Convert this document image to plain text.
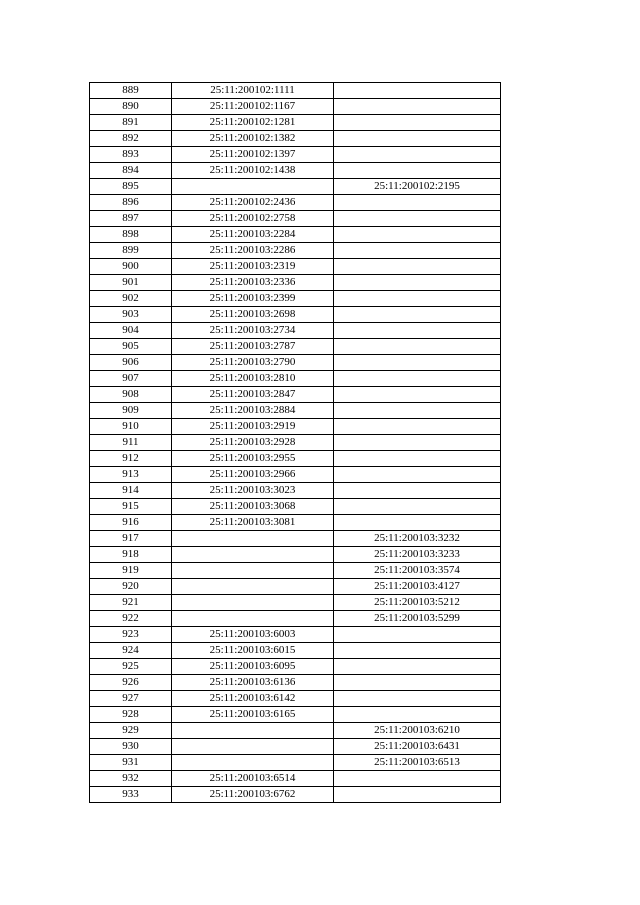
889	25:11:200102:1111	
890	25:11:200102:1167	
891	25:11:200102:1281	
892	25:11:200102:1382	
893	25:11:200102:1397	
894	25:11:200102:1438	
895		25:11:200102:2195
896	25:11:200102:2436	
897	25:11:200102:2758	
898	25:11:200103:2284	
899	25:11:200103:2286	
900	25:11:200103:2319	
901	25:11:200103:2336	
902	25:11:200103:2399	
903	25:11:200103:2698	
904	25:11:200103:2734	
905	25:11:200103:2787	
906	25:11:200103:2790	
907	25:11:200103:2810	
908	25:11:200103:2847	
909	25:11:200103:2884	
910	25:11:200103:2919	
911	25:11:200103:2928	
912	25:11:200103:2955	
913	25:11:200103:2966	
914	25:11:200103:3023	
915	25:11:200103:3068	
916	25:11:200103:3081	
917		25:11:200103:3232
918		25:11:200103:3233
919		25:11:200103:3574
920		25:11:200103:4127
921		25:11:200103:5212
922		25:11:200103:5299
923	25:11:200103:6003	
924	25:11:200103:6015	
925	25:11:200103:6095	
926	25:11:200103:6136	
927	25:11:200103:6142	
928	25:11:200103:6165	
929		25:11:200103:6210
930		25:11:200103:6431
931		25:11:200103:6513
932	25:11:200103:6514	
933	25:11:200103:6762	
